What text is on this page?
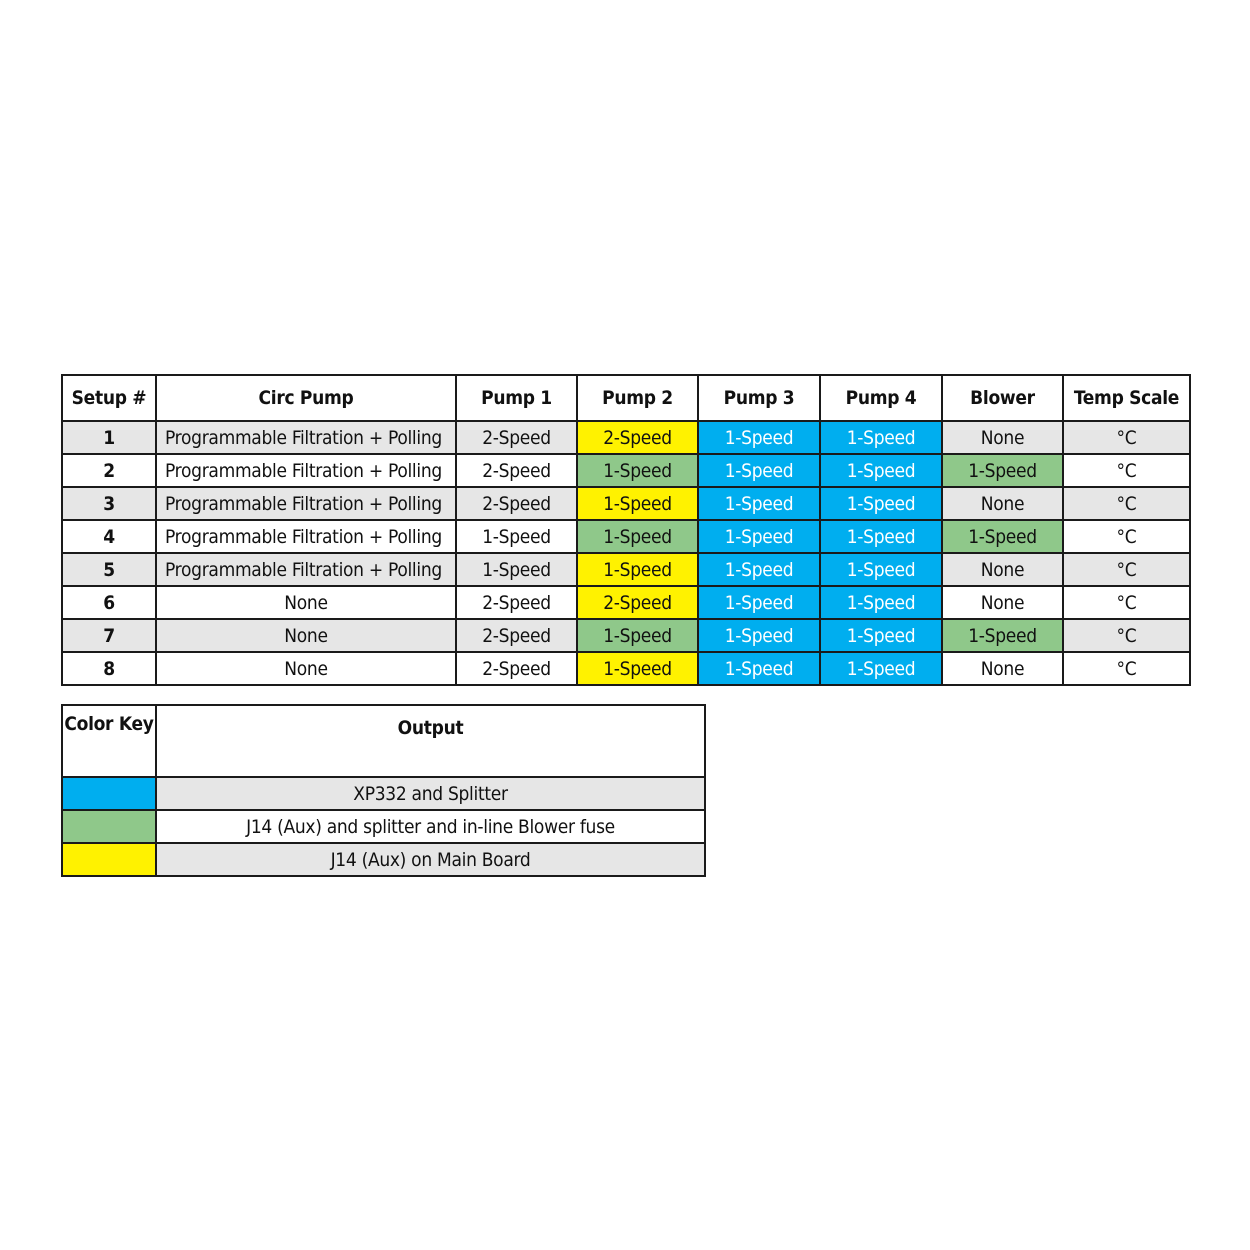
Setup #	Circ Pump	Pump 1	Pump 2	Pump 3	Pump 4	Blower	Temp Scale
1	Programmable Filtration + Polling	2-Speed	2-Speed	1-Speed	1-Speed	None	°C
2	Programmable Filtration + Polling	2-Speed	1-Speed	1-Speed	1-Speed	1-Speed	°C
3	Programmable Filtration + Polling	2-Speed	1-Speed	1-Speed	1-Speed	None	°C
4	Programmable Filtration + Polling	1-Speed	1-Speed	1-Speed	1-Speed	1-Speed	°C
5	Programmable Filtration + Polling	1-Speed	1-Speed	1-Speed	1-Speed	None	°C
6	None	2-Speed	2-Speed	1-Speed	1-Speed	None	°C
7	None	2-Speed	1-Speed	1-Speed	1-Speed	1-Speed	°C
8	None	2-Speed	1-Speed	1-Speed	1-Speed	None	°C
Color Key	Output
	XP332 and Splitter
	J14 (Aux) and splitter and in-line Blower fuse
	J14 (Aux) on Main Board
